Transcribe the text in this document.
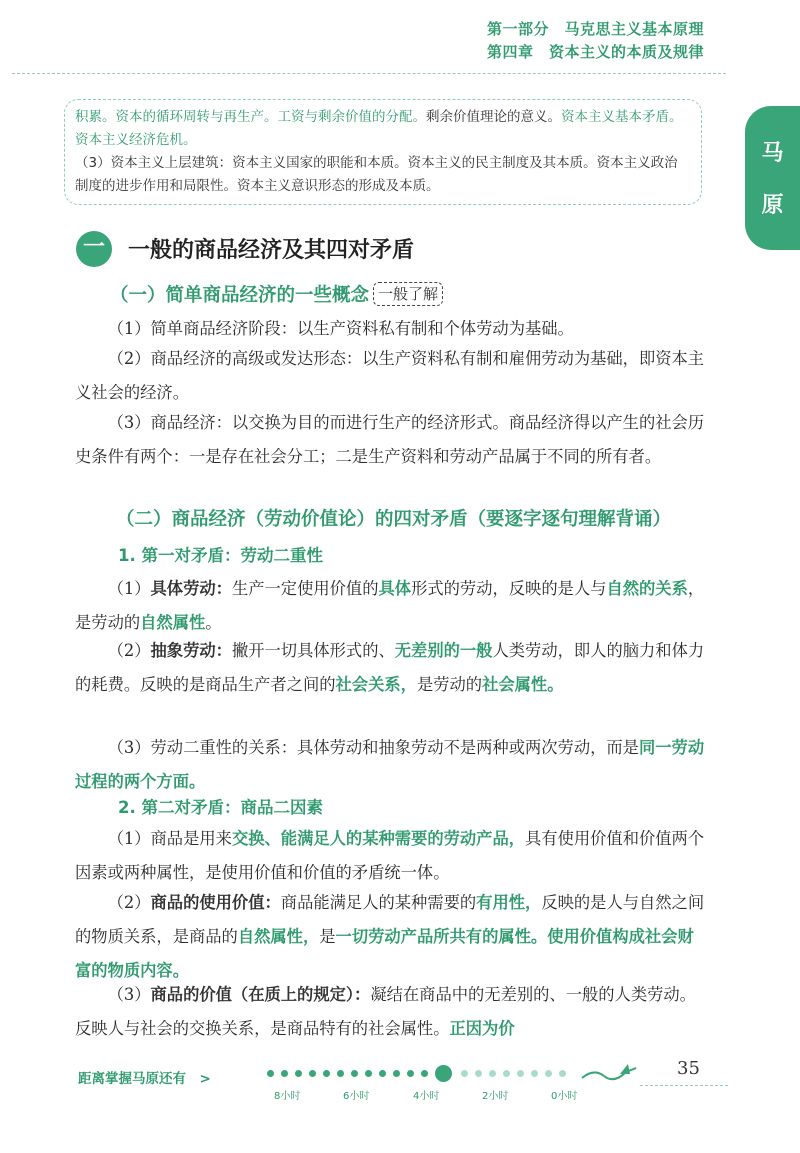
第一部分　马克思主义基本原理
第四章　资本主义的本质及规律
马
原
积累。资本的循环周转与再生产。工资与剩余价值的分配。剩余价值理论的意义。资本主义基本矛盾。资本主义经济危机。
（3）资本主义上层建筑：资本主义国家的职能和本质。资本主义的民主制度及其本质。资本主义政治制度的进步作用和局限性。资本主义意识形态的形成及本质。
一	一般的商品经济及其四对矛盾
（一）简单商品经济的一些概念 一般了解
（1）简单商品经济阶段：以生产资料私有制和个体劳动为基础。
（2）商品经济的高级或发达形态：以生产资料私有制和雇佣劳动为基础，即资本主义社会的经济。
（3）商品经济：以交换为目的而进行生产的经济形式。商品经济得以产生的社会历史条件有两个：一是存在社会分工；二是生产资料和劳动产品属于不同的所有者。
（二）商品经济（劳动价值论）的四对矛盾（要逐字逐句理解背诵）
1. 第一对矛盾：劳动二重性
（1）具体劳动：生产一定使用价值的具体形式的劳动，反映的是人与自然的关系，是劳动的自然属性。
（2）抽象劳动：撇开一切具体形式的、无差别的一般人类劳动，即人的脑力和体力的耗费。反映的是商品生产者之间的社会关系，是劳动的社会属性。
（3）劳动二重性的关系：具体劳动和抽象劳动不是两种或两次劳动，而是同一劳动过程的两个方面。
2. 第二对矛盾：商品二因素
（1）商品是用来交换、能满足人的某种需要的劳动产品，具有使用价值和价值两个因素或两种属性，是使用价值和价值的矛盾统一体。
（2）商品的使用价值：商品能满足人的某种需要的有用性，反映的是人与自然之间的物质关系，是商品的自然属性，是一切劳动产品所共有的属性。使用价值构成社会财富的物质内容。
（3）商品的价值（在质上的规定）：凝结在商品中的无差别的、一般的人类劳动。反映人与社会的交换关系，是商品特有的社会属性。正因为价
距离掌握马原还有　>
8小时	6小时	4小时	2小时	0小时
35
